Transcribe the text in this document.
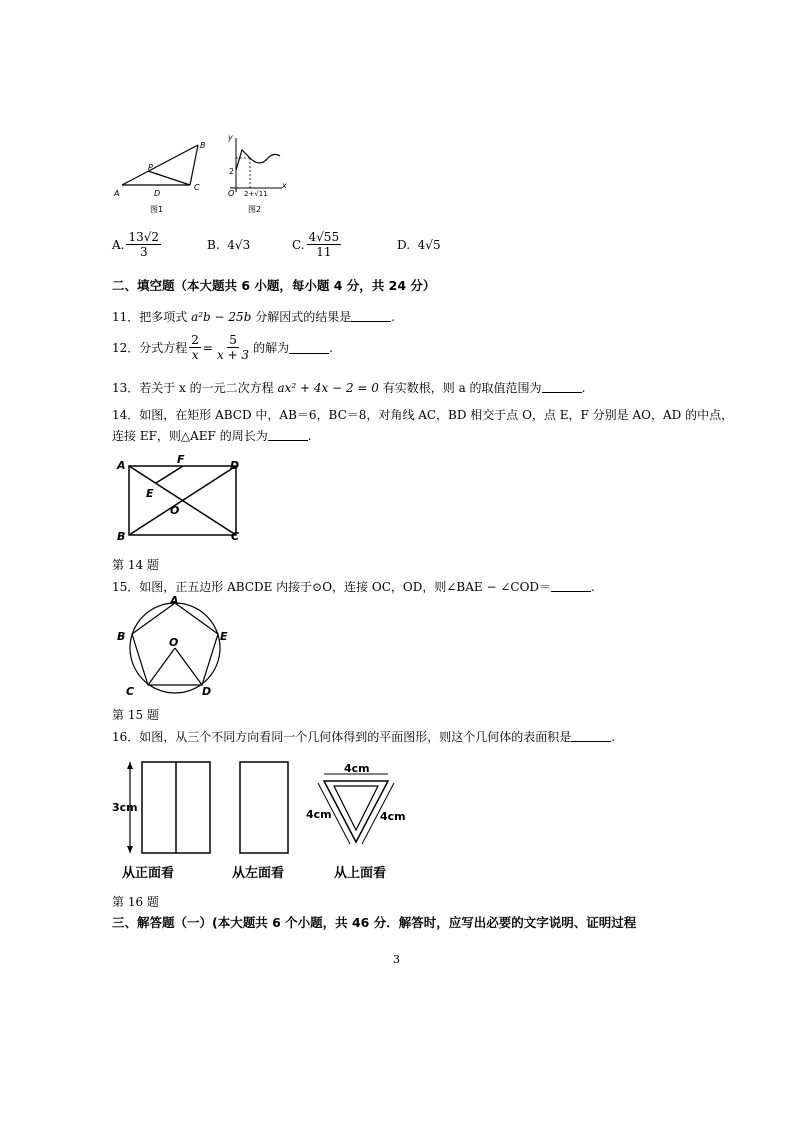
A
B
C
D
P
图1
y
x
O
2
2+√11
图2
A. $\frac{13√2}{3}$	B.
4√3	C. $\frac{4√55}{11}$	D.
4√5
二、填空题（本大题共 6 小题，每小题 4 分，共 24 分）
11．把多项式 a²b − 25b 分解因式的结果是	.
12．分式方程 $\frac{2}{x} = \frac{5}{x + 3}$ 的解为	.
13．若关于 x 的一元二次方程 ax² + 4x − 2 = 0 有实数根，则 a 的取值范围为	.
14．如图，在矩形 ABCD 中，AB＝6，BC＝8，对角线 AC，BD 相交于点 O，点 E，F 分别是 AO，AD 的中点，
连接 EF，则△AEF 的周长为	.
A
B	C
D
E
F
O
第 14 题
15．如图，正五边形 ABCDE 内接于⊙O，连接 OC，OD，则∠BAE − ∠COD＝	.
A
B
C	D
E
O
第 15 题
16．如图，从三个不同方向看同一个几何体得到的平面图形，则这个几何体的表面积是	.
3cm
4cm
4cm	4cm
从正面看	从左面看	从上面看
第 16 题
三、解答题（一）(本大题共 6 个小题，共 46 分．解答时，应写出必要的文字说明、证明过程
3
